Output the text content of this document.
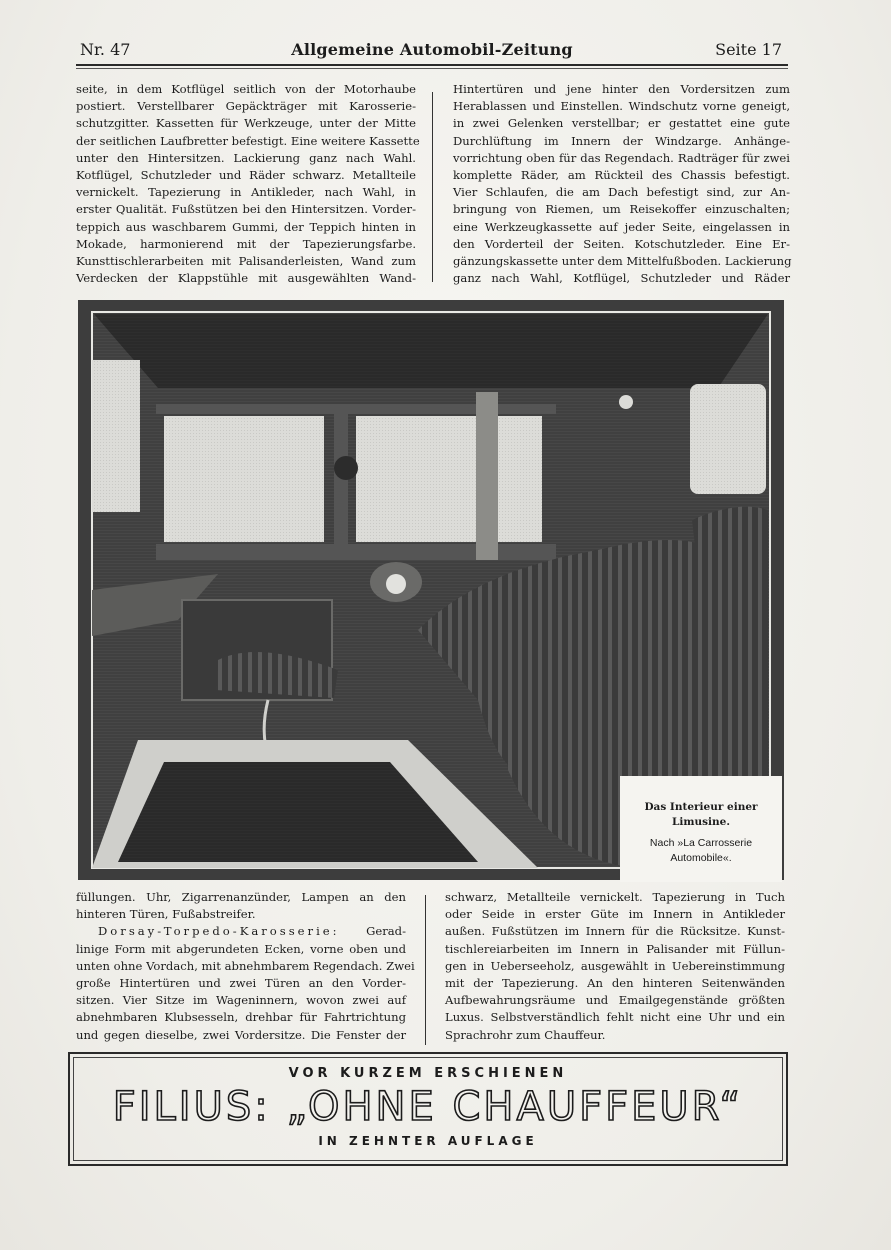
Nr. 47	Allgemeine Automobil-Zeitung	Seite 17
seite, in dem Kotflügel seitlich von der Motorhaube
postiert. Verstellbarer Gepäckträger mit Karosserie-
schutzgitter. Kassetten für Werkzeuge, unter der Mitte
der seitlichen Laufbretter befestigt. Eine weitere Kassette
unter den Hintersitzen. Lackierung ganz nach Wahl.
Kotflügel, Schutzleder und Räder schwarz. Metallteile
vernickelt. Tapezierung in Antikleder, nach Wahl, in
erster Qualität. Fußstützen bei den Hintersitzen. Vorder-
teppich aus waschbarem Gummi, der Teppich hinten in
Mokade, harmonierend mit der Tapezierungsfarbe.
Kunsttischlerarbeiten mit Palisanderleisten, Wand zum
Verdecken der Klappstühle mit ausgewählten Wand-
Hintertüren und jene hinter den Vordersitzen zum
Herablassen und Einstellen. Windschutz vorne geneigt,
in zwei Gelenken verstellbar; er gestattet eine gute
Durchlüftung im Innern der Windzarge. Anhänge-
vorrichtung oben für das Regendach. Radträger für zwei
komplette Räder, am Rückteil des Chassis befestigt.
Vier Schlaufen, die am Dach befestigt sind, zur An-
bringung von Riemen, um Reisekoffer einzuschalten;
eine Werkzeugkassette auf jeder Seite, eingelassen in
den Vorderteil der Seiten. Kotschutzleder. Eine Er-
gänzungskassette unter dem Mittelfußboden. Lackierung
ganz nach Wahl, Kotflügel, Schutzleder und Räder
Das Interieur einer Limusine.
Nach »La Carrosserie Automobile«.
füllungen. Uhr, Zigarrenanzünder, Lampen an den
hinteren Türen, Fußabstreifer.
Dorsay-Torpedo-Karosserie: Gerad-
linige Form mit abgerundeten Ecken, vorne oben und
unten ohne Vordach, mit abnehmbarem Regendach. Zwei
große Hintertüren und zwei Türen an den Vorder-
sitzen. Vier Sitze im Wageninnern, wovon zwei auf
abnehmbaren Klubsesseln, drehbar für Fahrtrichtung
und gegen dieselbe, zwei Vordersitze. Die Fenster der
schwarz, Metallteile vernickelt. Tapezierung in Tuch
oder Seide in erster Güte im Innern in Antikleder
außen. Fußstützen im Innern für die Rücksitze. Kunst-
tischlereiarbeiten im Innern in Palisander mit Füllun-
gen in Ueberseeholz, ausgewählt in Uebereinstimmung
mit der Tapezierung. An den hinteren Seitenwänden
Aufbewahrungsräume und Emailgegenstände größten
Luxus. Selbstverständlich fehlt nicht eine Uhr und ein
Sprachrohr zum Chauffeur.
VOR KURZEM ERSCHIENEN
FILIUS: „OHNE CHAUFFEUR“
IN ZEHNTER AUFLAGE
